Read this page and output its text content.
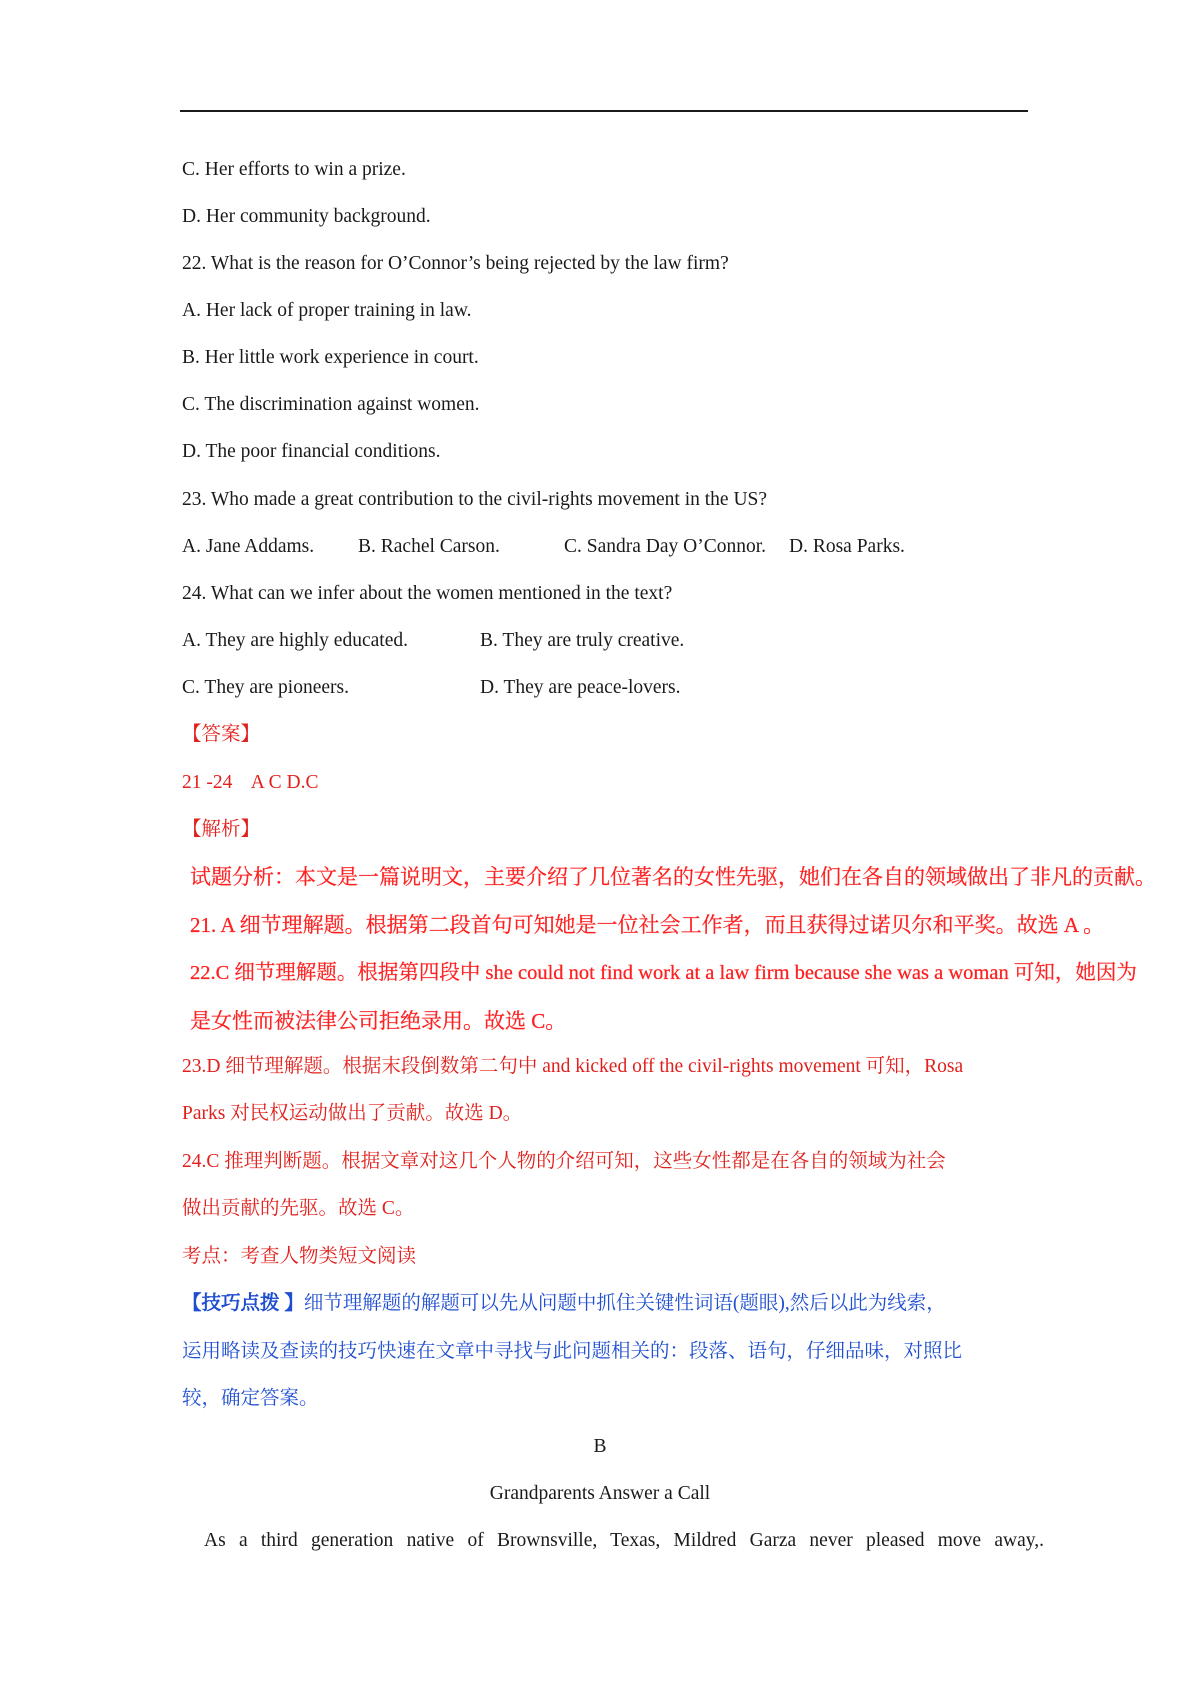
C. Her efforts to win a prize.
D. Her community background.
22. What is the reason for O’Connor’s being rejected by the law firm?
A. Her lack of proper training in law.
B. Her little work experience in court.
C. The discrimination against women.
D. The poor financial conditions.
23. Who made a great contribution to the civil-rights movement in the US?
A. Jane Addams. B. Rachel Carson.	C. Sandra Day O’Connor. D. Rosa Parks.
24. What can we infer about the women mentioned in the text?
A. They are highly educated.	B. They are truly creative.
C. They are pioneers.	D. They are peace-lovers.
【答案】
21 -24    A C D.C
【解析】
试题分析：本文是一篇说明文，主要介绍了几位著名的女性先驱，她们在各自的领域做出了非凡的贡献。
21. A 细节理解题。根据第二段首句可知她是一位社会工作者，而且获得过诺贝尔和平奖。故选 A 。
22.C 细节理解题。根据第四段中 she could not find work at a law firm because she was a woman 可知，她因为
是女性而被法律公司拒绝录用。故选 C。
23.D 细节理解题。根据末段倒数第二句中 and kicked off the civil-rights movement 可知，Rosa
Parks 对民权运动做出了贡献。故选 D。
24.C 推理判断题。根据文章对这几个人物的介绍可知，这些女性都是在各自的领域为社会
做出贡献的先驱。故选 C。
考点：考查人物类短文阅读
【技巧点拨 】细节理解题的解题可以先从问题中抓住关键性词语(题眼),然后以此为线索，
运用略读及查读的技巧快速在文章中寻找与此问题相关的：段落、语句，仔细品味，对照比
较，确定答案。
B
Grandparents Answer a Call
As a third generation native of Brownsville, Texas, Mildred Garza never pleased move away,.
